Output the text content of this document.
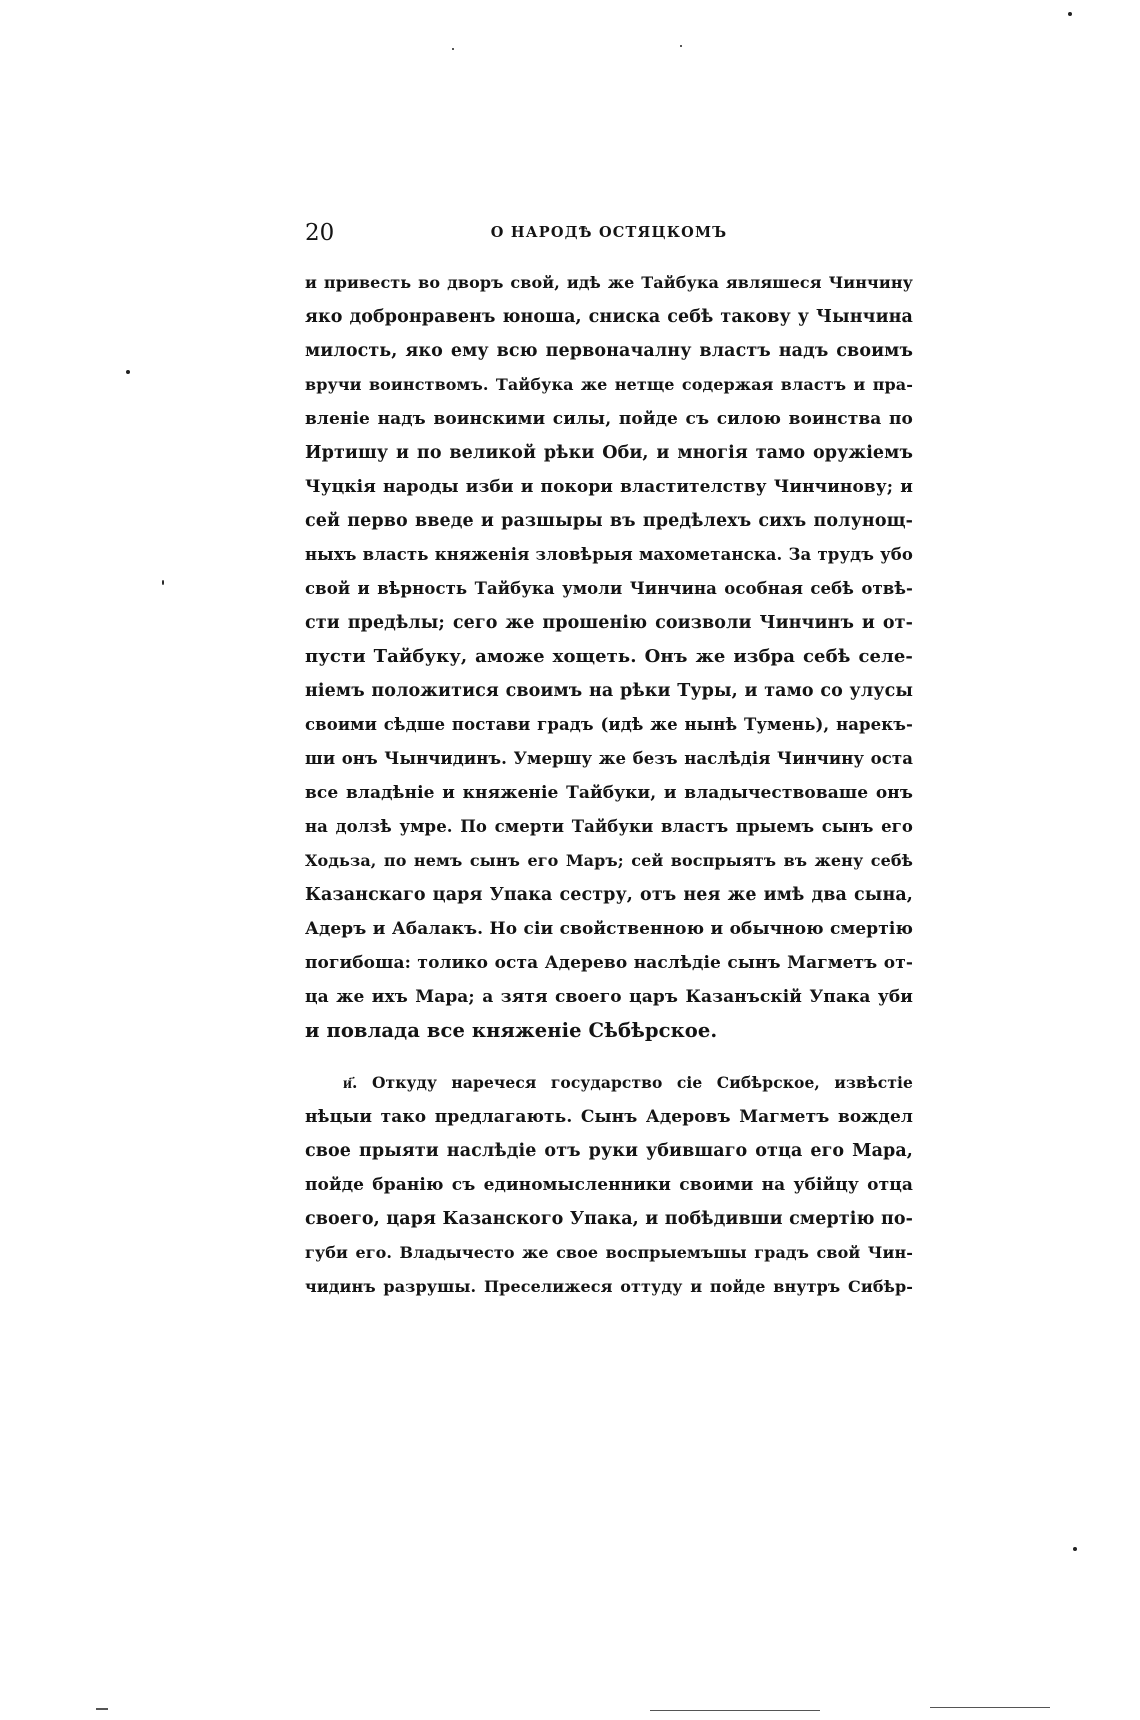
20	О НАРОДѢ ОСТЯЦКОМЪ
и привесть во дворъ свой, идѣ же Тайбука являшеся Чинчину
яко добронравенъ юноша, сниска себѣ такову у Чынчина
милость, яко ему всю первоначалну властъ надъ своимъ
вручи воинствомъ. Тайбука же нетще содержая властъ и пра-
вленіе надъ воинскими силы, пойде съ силою воинства по
Иртишу и по великой рѣки Оби, и многія тамо оружіемъ
Чуцкія народы изби и покори властителству Чинчинову; и
сей перво введе и разшыры въ предѣлехъ сихъ полунощ-
ныхъ власть княженія зловѣрыя махометанска. За трудъ убо
свой и вѣрность Тайбука умоли Чинчина особная себѣ отвѣ-
сти предѣлы; сего же прошенію соизволи Чинчинъ и от-
пусти Тайбуку, аможе хощеть. Онъ же избра себѣ селе-
ніемъ положитися своимъ на рѣки Туры, и тамо со улусы
своими сѣдше постави градъ (идѣ же нынѣ Тумень), нарекъ-
ши онъ Чынчидинъ. Умершу же безъ наслѣдія Чинчину оста
все владѣніе и княженіе Тайбуки, и владычествоваше онъ
на долзѣ умре. По смерти Тайбуки властъ прыемъ сынъ его
Ходьза, по немъ сынъ его Маръ; сей воспрыятъ въ жену себѣ
Казанскаго царя Упака сестру, отъ нея же имѣ два сына,
Адеръ и Абалакъ. Но сіи свойственною и обычною смертію
погибоша: толико оста Адерево наслѣдіе сынъ Магметъ от-
ца же ихъ Мара; а зятя своего царъ Казанъскій Упака уби
и повлада все княженіе Сѣбѣрское.
и҃. Откуду наречеся государство сіе Сибѣрское, извѣстіе
нѣцыи тако предлагають. Сынъ Адеровъ Магметъ вождел
свое прыяти наслѣдіе отъ руки убившаго отца его Мара,
пойде бранію съ единомысленники своими на убійцу отца
своего, царя Казанского Упака, и побѣдивши смертію по-
губи его. Владычесто же свое воспрыемъшы градъ свой Чин-
чидинъ разрушы. Преселижеся оттуду и пойде внутръ Сибѣр-
